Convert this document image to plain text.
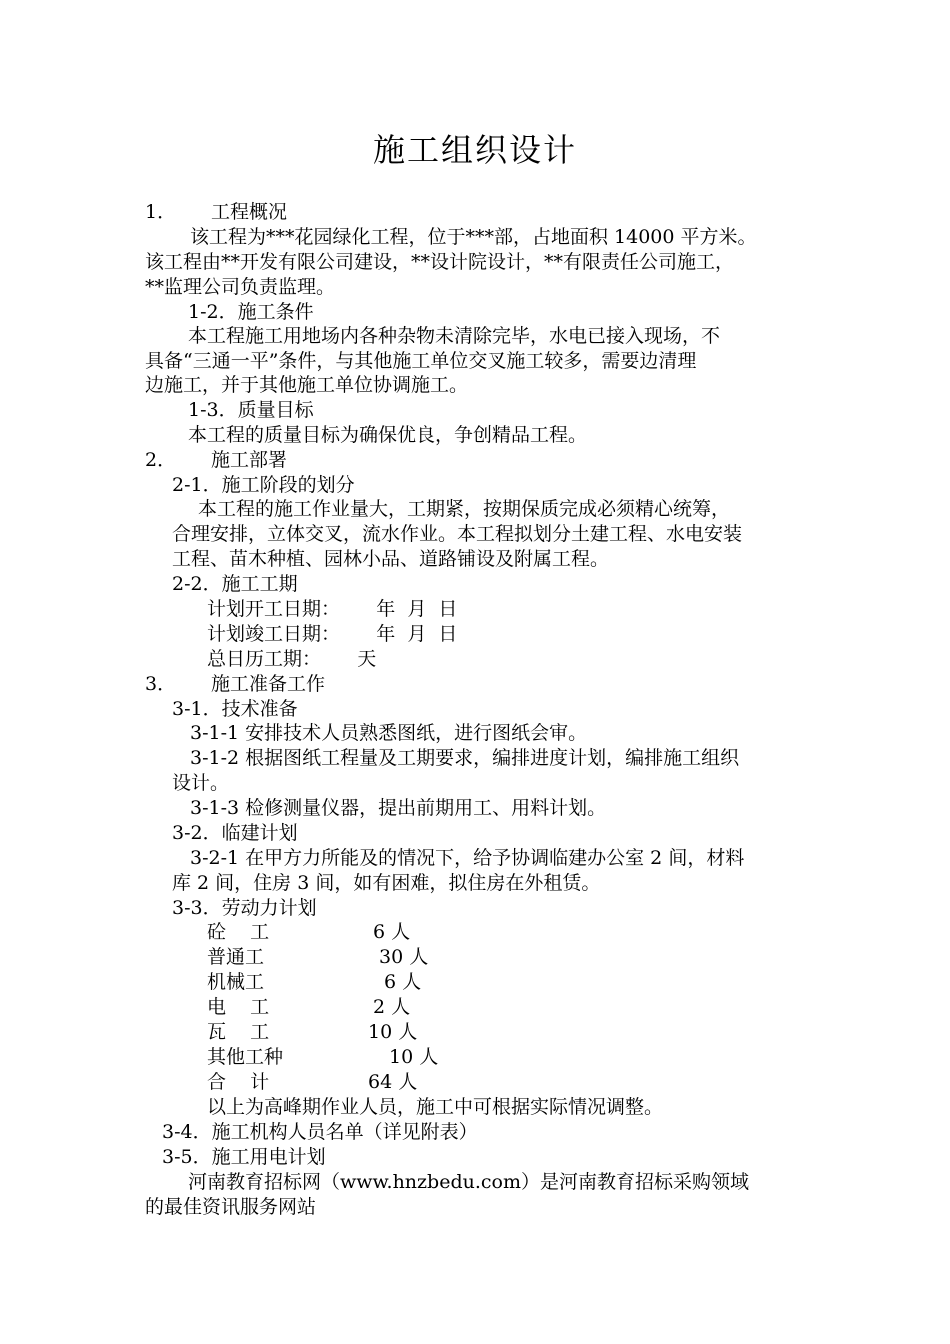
施工组织设计
1． 工程概况
该工程为***花园绿化工程，位于***部，占地面积 14000 平方米。
该工程由**开发有限公司建设，**设计院设计，**有限责任公司施工，
**监理公司负责监理。
1-2．施工条件
本工程施工用地场内各种杂物未清除完毕，水电已接入现场，不
具备“三通一平”条件，与其他施工单位交叉施工较多，需要边清理
边施工，并于其他施工单位协调施工。
1-3．质量目标
本工程的质量目标为确保优良，争创精品工程。
2． 施工部署
2-1．施工阶段的划分
本工程的施工作业量大，工期紧，按期保质完成必须精心统筹，
合理安排，立体交叉，流水作业。本工程拟划分土建工程、水电安装
工程、苗木种植、园林小品、道路铺设及附属工程。
2-2．施工工期
计划开工日期：      年  月  日
计划竣工日期：      年  月  日
总日历工期：      天
3． 施工准备工作
3-1．技术准备
3-1-1 安排技术人员熟悉图纸，进行图纸会审。
3-1-2 根据图纸工程量及工期要求，编排进度计划，编排施工组织
设计。
3-1-3 检修测量仪器，提出前期用工、用料计划。
3-2．临建计划
3-2-1 在甲方力所能及的情况下，给予协调临建办公室 2 间，材料
库 2 间，住房 3 间，如有困难，拟住房在外租赁。
3-3．劳动力计划
砼    工	6 人
普通工	30 人
机械工	6 人
电    工	2 人
瓦    工	10 人
其他工种	10 人
合    计	64 人
以上为高峰期作业人员，施工中可根据实际情况调整。
3-4．施工机构人员名单（详见附表）
3-5．施工用电计划
河南教育招标网（www.hnzbedu.com）是河南教育招标采购领域
的最佳资讯服务网站
